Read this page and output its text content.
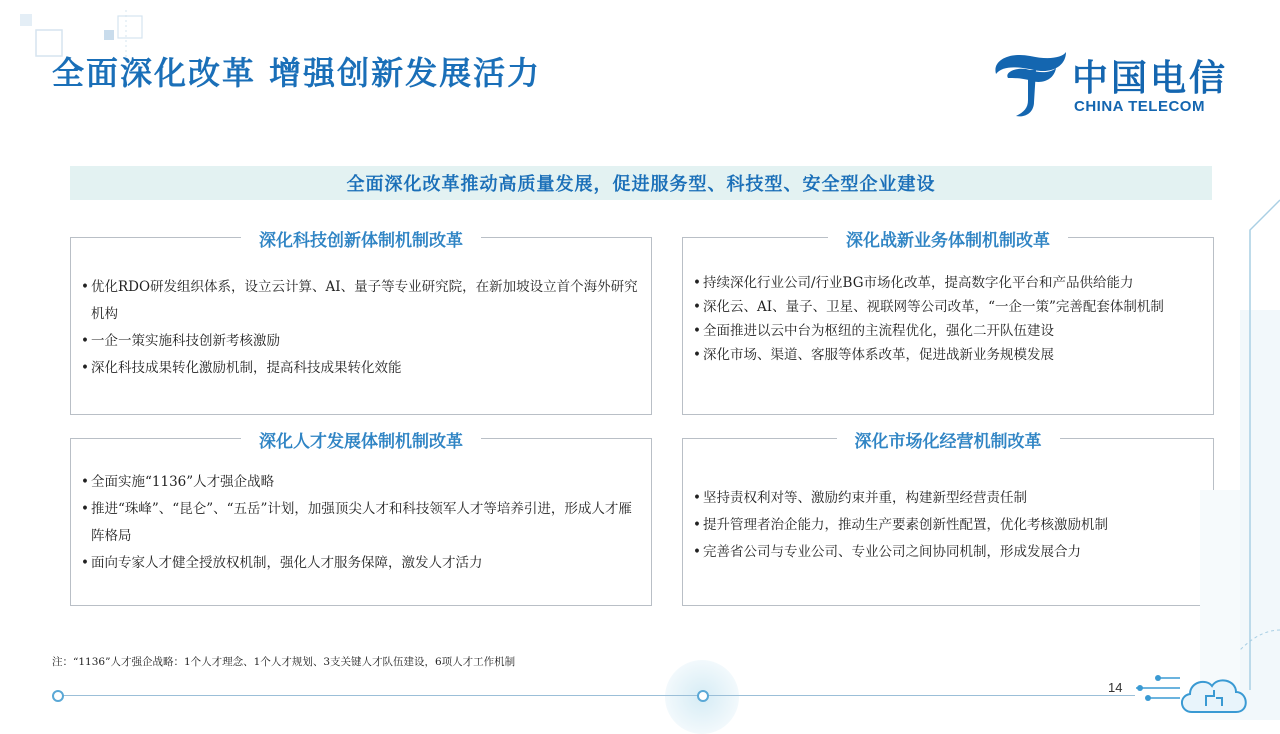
全面深化改革 增强创新发展活力	中国电信
CHINA TELECOM
全面深化改革推动高质量发展，促进服务型、科技型、安全型企业建设
深化科技创新体制机制改革
• 优化RDO研发组织体系，设立云计算、AI、量子等专业研究院，在新加坡设立首个海外研究机构
• 一企一策实施科技创新考核激励
• 深化科技成果转化激励机制，提高科技成果转化效能
深化战新业务体制机制改革
• 持续深化行业公司/行业BG市场化改革，提高数字化平台和产品供给能力
• 深化云、AI、量子、卫星、视联网等公司改革，“一企一策”完善配套体制机制
• 全面推进以云中台为枢纽的主流程优化，强化二开队伍建设
• 深化市场、渠道、客服等体系改革，促进战新业务规模发展
深化人才发展体制机制改革
• 全面实施“1136”人才强企战略
• 推进“珠峰”、“昆仑”、“五岳”计划，加强顶尖人才和科技领军人才等培养引进，形成人才雁阵格局
• 面向专家人才健全授放权机制，强化人才服务保障，激发人才活力
深化市场化经营机制改革
• 坚持责权利对等、激励约束并重，构建新型经营责任制
• 提升管理者治企能力，推动生产要素创新性配置，优化考核激励机制
• 完善省公司与专业公司、专业公司之间协同机制，形成发展合力
注：“1136”人才强企战略：1个人才理念、1个人才规划、3支关键人才队伍建设，6项人才工作机制
14
